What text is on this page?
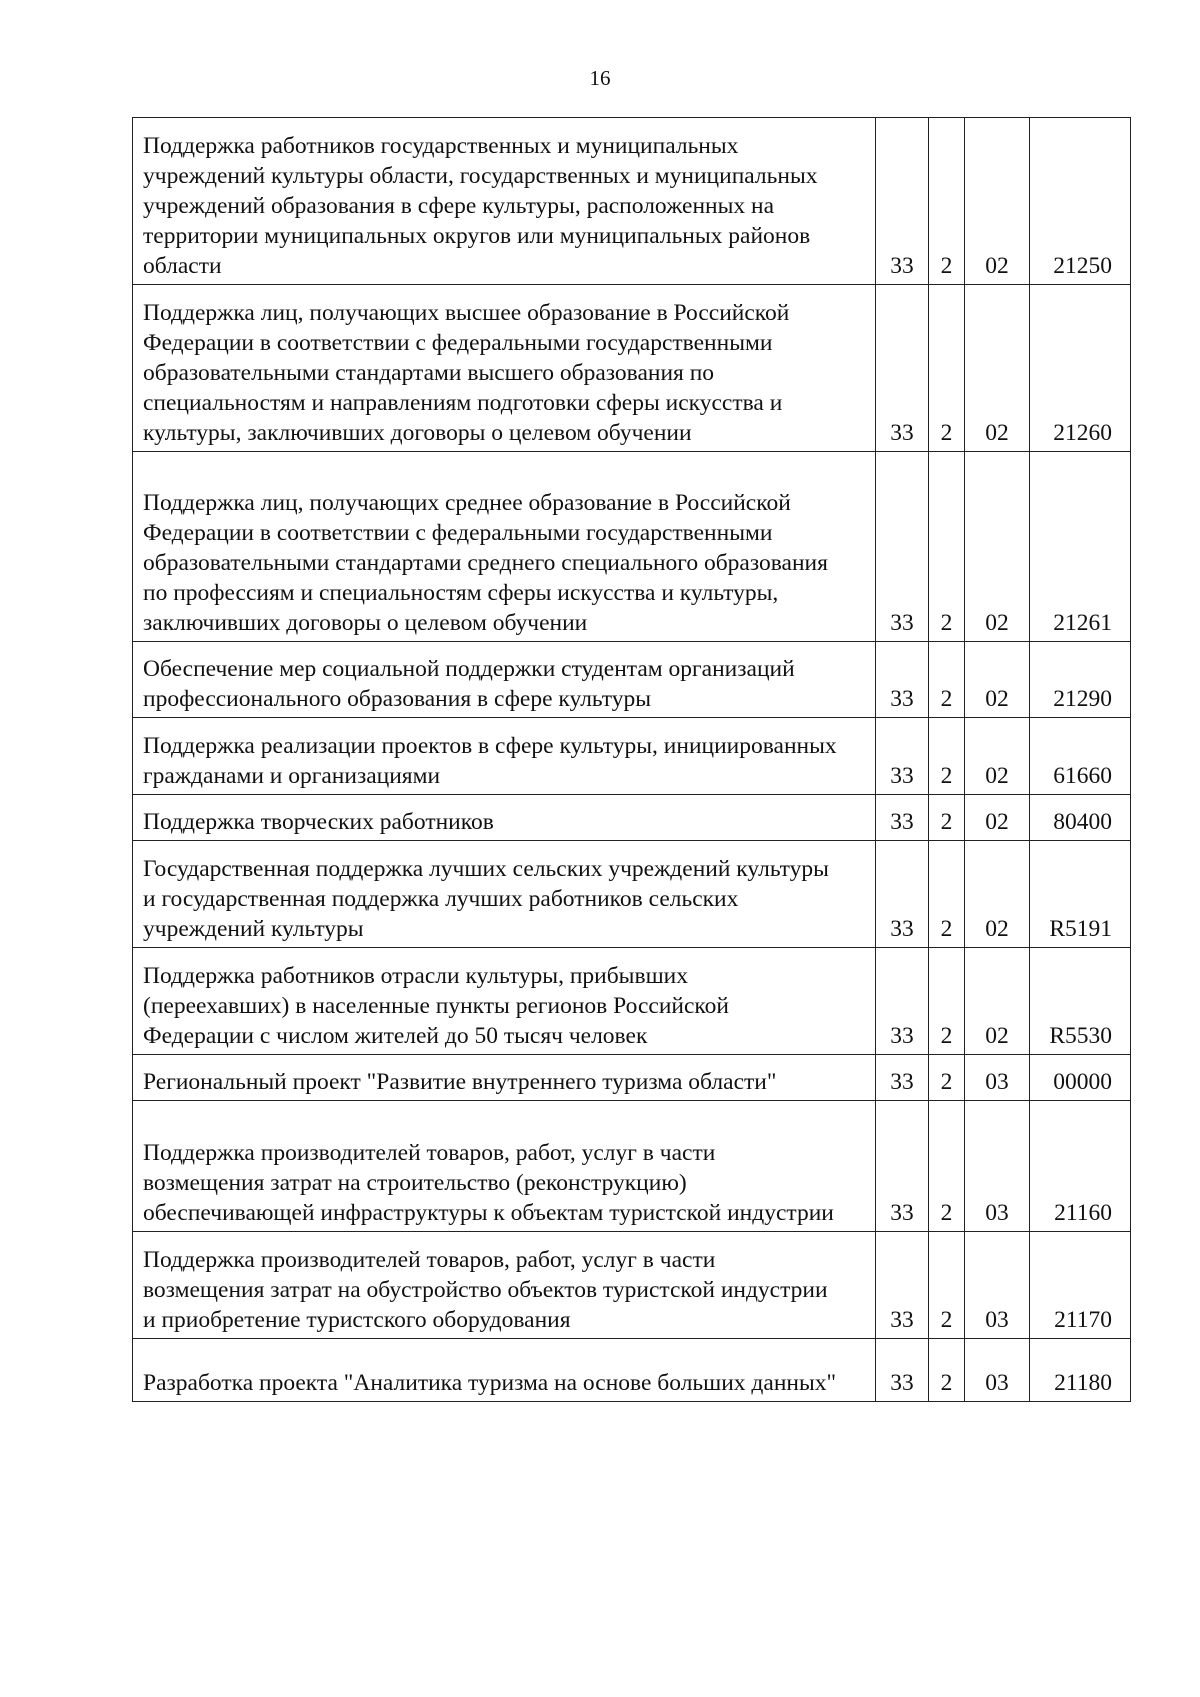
16
Поддержка работников государственных и муниципальных
учреждений культуры области, государственных и муниципальных
учреждений образования в сфере культуры, расположенных на
территории муниципальных округов или муниципальных районов
области	33	2	02	21250

Поддержка лиц, получающих высшее образование в Российской
Федерации в соответствии с федеральными государственными
образовательными стандартами высшего образования по
специальностям и направлениям подготовки сферы искусства и
культуры, заключивших договоры о целевом обучении	33	2	02	21260

Поддержка лиц, получающих среднее образование в Российской
Федерации в соответствии с федеральными государственными
образовательными стандартами среднего специального образования
по профессиям и специальностям сферы искусства и культуры,
заключивших договоры о целевом обучении	33	2	02	21261

Обеспечение мер социальной поддержки студентам организаций
профессионального образования в сфере культуры	33	2	02	21290

Поддержка реализации проектов в сфере культуры, инициированных
гражданами и организациями	33	2	02	61660

Поддержка творческих работников	33	2	02	80400

Государственная поддержка лучших сельских учреждений культуры
и государственная поддержка лучших работников сельских
учреждений культуры	33	2	02	R5191

Поддержка работников отрасли культуры, прибывших
(переехавших) в населенные пункты регионов Российской
Федерации с числом жителей до 50 тысяч человек	33	2	02	R5530

Региональный проект "Развитие внутреннего туризма области"	33	2	03	00000

Поддержка производителей товаров, работ, услуг в части
возмещения затрат на строительство (реконструкцию)
обеспечивающей инфраструктуры к объектам туристской индустрии	33	2	03	21160

Поддержка производителей товаров, работ, услуг в части
возмещения затрат на обустройство объектов туристской индустрии
и приобретение туристского оборудования	33	2	03	21170

Разработка проекта "Аналитика туризма на основе больших данных"	33	2	03	21180
